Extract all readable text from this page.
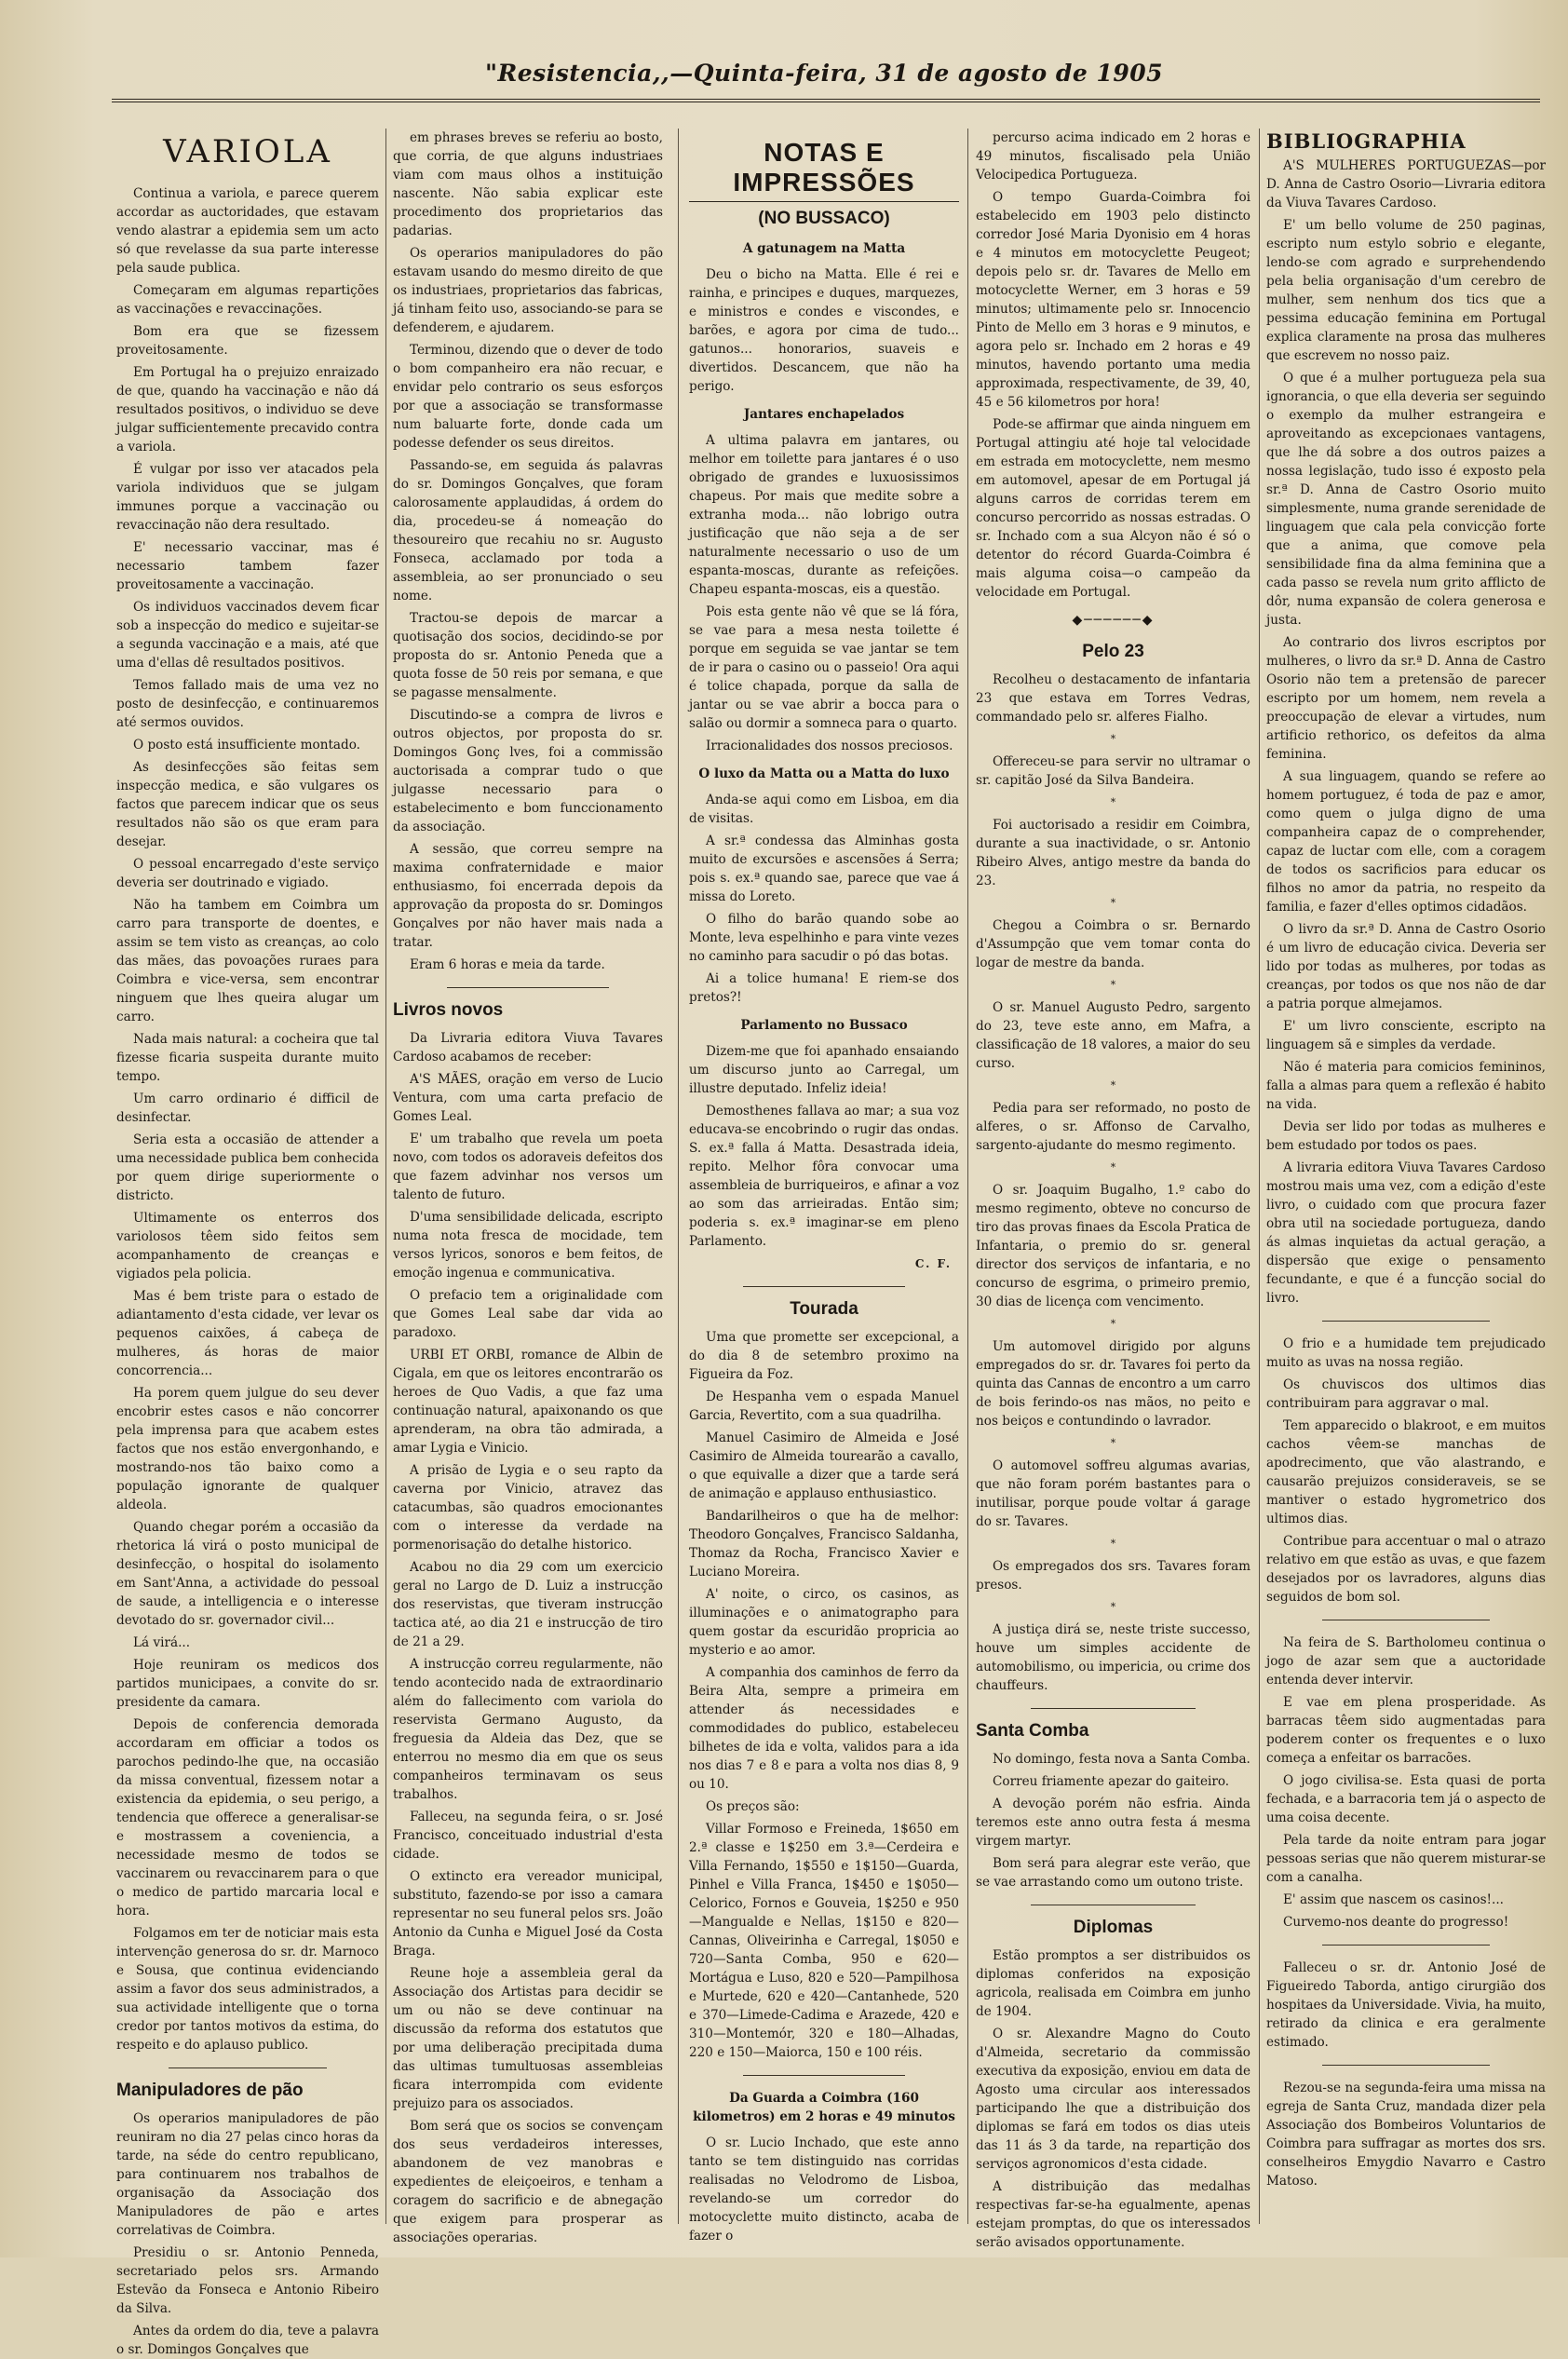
"Resistencia,,—Quinta-feira, 31 de agosto de 1905
VARIOLA

Continua a variola, e parece querem accordar as auctoridades, que estavam vendo alastrar a epidemia sem um acto só que revelasse da sua parte interesse pela saude publica.

Começaram em algumas repartições as vaccinações e revaccinações.

Bom era que se fizessem proveitosamente.

Em Portugal ha o prejuizo enraizado de que, quando ha vaccinação e não dá resultados positivos, o individuo se deve julgar sufficientemente precavido contra a variola.

É vulgar por isso ver atacados pela variola individuos que se julgam immunes porque a vaccinação ou revaccinação não dera resultado.

E' necessario vaccinar, mas é necessario tambem fazer proveitosamente a vaccinação.

Os individuos vaccinados devem ficar sob a inspecção do medico e sujeitar-se a segunda vaccinação e a mais, até que uma d'ellas dê resultados positivos.

Temos fallado mais de uma vez no posto de desinfecção, e continuaremos até sermos ouvidos.

O posto está insufficiente montado.

As desinfecções são feitas sem inspecção medica, e são vulgares os factos que parecem indicar que os seus resultados não são os que eram para desejar.

O pessoal encarregado d'este serviço deveria ser doutrinado e vigiado.

Não ha tambem em Coimbra um carro para transporte de doentes, e assim se tem visto as creanças, ao colo das mães, das povoações ruraes para Coimbra e vice-versa, sem encontrar ninguem que lhes queira alugar um carro.

Nada mais natural: a cocheira que tal fizesse ficaria suspeita durante muito tempo.

Um carro ordinario é difficil de desinfectar.

Seria esta a occasião de attender a uma necessidade publica bem conhecida por quem dirige superiormente o districto.

Ultimamente os enterros dos variolosos têem sido feitos sem acompanhamento de creanças e vigiados pela policia.

Mas é bem triste para o estado de adiantamento d'esta cidade, ver levar os pequenos caixões, á cabeça de mulheres, ás horas de maior concorrencia...

Ha porem quem julgue do seu dever encobrir estes casos e não concorrer pela imprensa para que acabem estes factos que nos estão envergonhando, e mostrando-nos tão baixo como a população ignorante de qualquer aldeola.

Quando chegar porém a occasião da rhetorica lá virá o posto municipal de desinfecção, o hospital do isolamento em Sant'Anna, a actividade do pessoal de saude, a intelligencia e o interesse devotado do sr. governador civil...

Lá virá...

Hoje reuniram os medicos dos partidos municipaes, a convite do sr. presidente da camara.

Depois de conferencia demorada accordaram em officiar a todos os parochos pedindo-lhe que, na occasião da missa conventual, fizessem notar a existencia da epidemia, o seu perigo, a tendencia que offerece a generalisar-se e mostrassem a coveniencia, a necessidade mesmo de todos se vaccinarem ou revaccinarem para o que o medico de partido marcaria local e hora.

Folgamos em ter de noticiar mais esta intervenção generosa do sr. dr. Marnoco e Sousa, que continua evidenciando assim a favor dos seus administrados, a sua actividade intelligente que o torna credor por tantos motivos da estima, do respeito e do aplauso publico.

Manipuladores de pão

Os operarios manipuladores de pão reuniram no dia 27 pelas cinco horas da tarde, na séde do centro republicano, para continuarem nos trabalhos de organisação da Associação dos Manipuladores de pão e artes correlativas de Coimbra.

Presidiu o sr. Antonio Penneda, secretariado pelos srs. Armando Estevão da Fonseca e Antonio Ribeiro da Silva.

Antes da ordem do dia, teve a palavra o sr. Domingos Gonçalves que

em phrases breves se referiu ao bosto, que corria, de que alguns industriaes viam com maus olhos a instituição nascente. Não sabia explicar este procedimento dos proprietarios das padarias.

Os operarios manipuladores do pão estavam usando do mesmo direito de que os industriaes, proprietarios das fabricas, já tinham feito uso, associando-se para se defenderem, e ajudarem.

Terminou, dizendo que o dever de todo o bom companheiro era não recuar, e envidar pelo contrario os seus esforços por que a associação se transformasse num baluarte forte, donde cada um podesse defender os seus direitos.

Passando-se, em seguida ás palavras do sr. Domingos Gonçalves, que foram calorosamente applaudidas, á ordem do dia, procedeu-se á nomeação do thesoureiro que recahiu no sr. Augusto Fonseca, acclamado por toda a assembleia, ao ser pronunciado o seu nome.

Tractou-se depois de marcar a quotisação dos socios, decidindo-se por proposta do sr. Antonio Peneda que a quota fosse de 50 reis por semana, e que se pagasse mensalmente.

Discutindo-se a compra de livros e outros objectos, por proposta do sr. Domingos Gonç lves, foi a commissão auctorisada a comprar tudo o que julgasse necessario para o estabelecimento e bom funccionamento da associação.

A sessão, que correu sempre na maxima confraternidade e maior enthusiasmo, foi encerrada depois da approvação da proposta do sr. Domingos Gonçalves por não haver mais nada a tratar.

Eram 6 horas e meia da tarde.

Livros novos

Da Livraria editora Viuva Tavares Cardoso acabamos de receber:

A'S MÃES, oração em verso de Lucio Ventura, com uma carta prefacio de Gomes Leal.

E' um trabalho que revela um poeta novo, com todos os adoraveis defeitos dos que fazem advinhar nos versos um talento de futuro.

D'uma sensibilidade delicada, escripto numa nota fresca de mocidade, tem versos lyricos, sonoros e bem feitos, de emoção ingenua e communicativa.

O prefacio tem a originalidade com que Gomes Leal sabe dar vida ao paradoxo.

URBI ET ORBI, romance de Albin de Cigala, em que os leitores encontrarão os heroes de Quo Vadis, a que faz uma continuação natural, apaixonando os que aprenderam, na obra tão admirada, a amar Lygia e Vinicio.

A prisão de Lygia e o seu rapto da caverna por Vinicio, atravez das catacumbas, são quadros emocionantes com o interesse da verdade na pormenorisação do detalhe historico.

Acabou no dia 29 com um exercicio geral no Largo de D. Luiz a instrucção dos reservistas, que tiveram instrucção tactica até, ao dia 21 e instrucção de tiro de 21 a 29.

A instrucção correu regularmente, não tendo acontecido nada de extraordinario além do fallecimento com variola do reservista Germano Augusto, da freguesia da Aldeia das Dez, que se enterrou no mesmo dia em que os seus companheiros terminavam os seus trabalhos.

Falleceu, na segunda feira, o sr. José Francisco, conceituado industrial d'esta cidade.

O extincto era vereador municipal, substituto, fazendo-se por isso a camara representar no seu funeral pelos srs. João Antonio da Cunha e Miguel José da Costa Braga.

Reune hoje a assembleia geral da Associação dos Artistas para decidir se um ou não se deve continuar na discussão da reforma dos estatutos que por uma deliberação precipitada duma das ultimas tumultuosas assembleias ficara interrompida com evidente prejuizo para os associados.

Bom será que os socios se convençam dos seus verdadeiros interesses, abandonem de vez manobras e expedientes de eleiçoeiros, e tenham a coragem do sacrificio e de abnegação que exigem para prosperar as associações operarias.

NOTAS E IMPRESSÕES
(NO BUSSACO)
A gatunagem na Matta

Deu o bicho na Matta. Elle é rei e rainha, e principes e duques, marquezes, e ministros e condes e viscondes, e barões, e agora por cima de tudo... gatunos... honorarios, suaveis e divertidos. Descancem, que não ha perigo.

Jantares enchapelados

A ultima palavra em jantares, ou melhor em toilette para jantares é o uso obrigado de grandes e luxuosissimos chapeus. Por mais que medite sobre a extranha moda... não lobrigo outra justificação que não seja a de ser naturalmente necessario o uso de um espanta-moscas, durante as refeições. Chapeu espanta-moscas, eis a questão.

Pois esta gente não vê que se lá fóra, se vae para a mesa nesta toilette é porque em seguida se vae jantar se tem de ir para o casino ou o passeio! Ora aqui é tolice chapada, porque da salla de jantar ou se vae abrir a bocca para o salão ou dormir a somneca para o quarto.

Irracionalidades dos nossos preciosos.

O luxo da Matta ou a Matta do luxo

Anda-se aqui como em Lisboa, em dia de visitas.

A sr.ª condessa das Alminhas gosta muito de excursões e ascensões á Serra; pois s. ex.ª quando sae, parece que vae á missa do Loreto.

O filho do barão quando sobe ao Monte, leva espelhinho e para vinte vezes no caminho para sacudir o pó das botas.

Ai a tolice humana! E riem-se dos pretos?!

Parlamento no Bussaco

Dizem-me que foi apanhado ensaiando um discurso junto ao Carregal, um illustre deputado. Infeliz ideia!

Demosthenes fallava ao mar; a sua voz educava-se encobrindo o rugir das ondas. S. ex.ª falla á Matta. Desastrada ideia, repito. Melhor fôra convocar uma assembleia de burriqueiros, e afinar a voz ao som das arrieiradas. Então sim; poderia s. ex.ª imaginar-se em pleno Parlamento.

C. F.
Tourada

Uma que promette ser excepcional, a do dia 8 de setembro proximo na Figueira da Foz.

De Hespanha vem o espada Manuel Garcia, Revertito, com a sua quadrilha.

Manuel Casimiro de Almeida e José Casimiro de Almeida tourearão a cavallo, o que equivalle a dizer que a tarde será de animação e applauso enthusiastico.

Bandarilheiros o que ha de melhor: Theodoro Gonçalves, Francisco Saldanha, Thomaz da Rocha, Francisco Xavier e Luciano Moreira.

A' noite, o circo, os casinos, as illuminações e o animatographo para quem gostar da escuridão propricia ao mysterio e ao amor.

A companhia dos caminhos de ferro da Beira Alta, sempre a primeira em attender ás necessidades e commodidades do publico, estabeleceu bilhetes de ida e volta, validos para a ida nos dias 7 e 8 e para a volta nos dias 8, 9 ou 10.

Os preços são:

Villar Formoso e Freineda, 1$650 em 2.ª classe e 1$250 em 3.ª—Cerdeira e Villa Fernando, 1$550 e 1$150—Guarda, Pinhel e Villa Franca, 1$450 e 1$050—Celorico, Fornos e Gouveia, 1$250 e 950—Mangualde e Nellas, 1$150 e 820—Cannas, Oliveirinha e Carregal, 1$050 e 720—Santa Comba, 950 e 620—Mortágua e Luso, 820 e 520—Pampilhosa e Murtede, 620 e 420—Cantanhede, 520 e 370—Limede-Cadima e Arazede, 420 e 310—Montemór, 320 e 180—Alhadas, 220 e 150—Maiorca, 150 e 100 réis.

Da Guarda a Coimbra (160 kilometros) em 2 horas e 49 minutos

O sr. Lucio Inchado, que este anno tanto se tem distinguido nas corridas realisadas no Velodromo de Lisboa, revelando-se um corredor do motocyclette muito distincto, acaba de fazer o

percurso acima indicado em 2 horas e 49 minutos, fiscalisado pela União Velocipedica Portugueza.

O tempo Guarda-Coimbra foi estabelecido em 1903 pelo distincto corredor José Maria Dyonisio em 4 horas e 4 minutos em motocyclette Peugeot; depois pelo sr. dr. Tavares de Mello em motocyclette Werner, em 3 horas e 59 minutos; ultimamente pelo sr. Innocencio Pinto de Mello em 3 horas e 9 minutos, e agora pelo sr. Inchado em 2 horas e 49 minutos, havendo portanto uma media approximada, respectivamente, de 39, 40, 45 e 56 kilometros por hora!

Pode-se affirmar que ainda ninguem em Portugal attingiu até hoje tal velocidade em estrada em motocyclette, nem mesmo em automovel, apesar de em Portugal já alguns carros de corridas terem em concurso percorrido as nossas estradas. O sr. Inchado com a sua Alcyon não é só o detentor do récord Guarda-Coimbra é mais alguma coisa—o campeão da velocidade em Portugal.

◆──────◆
Pelo 23

Recolheu o destacamento de infantaria 23 que estava em Torres Vedras, commandado pelo sr. alferes Fialho.

*

Offereceu-se para servir no ultramar o sr. capitão José da Silva Bandeira.

*

Foi auctorisado a residir em Coimbra, durante a sua inactividade, o sr. Antonio Ribeiro Alves, antigo mestre da banda do 23.

*

Chegou a Coimbra o sr. Bernardo d'Assumpção que vem tomar conta do logar de mestre da banda.

*

O sr. Manuel Augusto Pedro, sargento do 23, teve este anno, em Mafra, a classificação de 18 valores, a maior do seu curso.

*

Pedia para ser reformado, no posto de alferes, o sr. Affonso de Carvalho, sargento-ajudante do mesmo regimento.

*

O sr. Joaquim Bugalho, 1.º cabo do mesmo regimento, obteve no concurso de tiro das provas finaes da Escola Pratica de Infantaria, o premio do sr. general director dos serviços de infantaria, e no concurso de esgrima, o primeiro premio, 30 dias de licença com vencimento.

*

Um automovel dirigido por alguns empregados do sr. dr. Tavares foi perto da quinta das Cannas de encontro a um carro de bois ferindo-os nas mãos, no peito e nos beiços e contundindo o lavrador.

*

O automovel soffreu algumas avarias, que não foram porém bastantes para o inutilisar, porque poude voltar á garage do sr. Tavares.

*

Os empregados dos srs. Tavares foram presos.

*

A justiça dirá se, neste triste successo, houve um simples accidente de automobilismo, ou impericia, ou crime dos chauffeurs.

Santa Comba

No domingo, festa nova a Santa Comba.

Correu friamente apezar do gaiteiro.

A devoção porém não esfria. Ainda teremos este anno outra festa á mesma virgem martyr.

Bom será para alegrar este verão, que se vae arrastando como um outono triste.

Diplomas

Estão promptos a ser distribuidos os diplomas conferidos na exposição agricola, realisada em Coimbra em junho de 1904.

O sr. Alexandre Magno do Couto d'Almeida, secretario da commissão executiva da exposição, enviou em data de Agosto uma circular aos interessados participando lhe que a distribuição dos diplomas se fará em todos os dias uteis das 11 ás 3 da tarde, na repartição dos serviços agronomicos d'esta cidade.

A distribuição das medalhas respectivas far-se-ha egualmente, apenas estejam promptas, do que os interessados serão avisados opportunamente.

BIBLIOGRAPHIA

A'S MULHERES PORTUGUEZAS—por D. Anna de Castro Osorio—Livraria editora da Viuva Tavares Cardoso.

E' um bello volume de 250 paginas, escripto num estylo sobrio e elegante, lendo-se com agrado e surprehendendo pela belia organisação d'um cerebro de mulher, sem nenhum dos tics que a pessima educação feminina em Portugal explica claramente na prosa das mulheres que escrevem no nosso paiz.

O que é a mulher portugueza pela sua ignorancia, o que ella deveria ser seguindo o exemplo da mulher estrangeira e aproveitando as excepcionaes vantagens, que lhe dá sobre a dos outros paizes a nossa legislação, tudo isso é exposto pela sr.ª D. Anna de Castro Osorio muito simplesmente, numa grande serenidade de linguagem que cala pela convicção forte que a anima, que comove pela sensibilidade fina da alma feminina que a cada passo se revela num grito afflicto de dôr, numa expansão de colera generosa e justa.

Ao contrario dos livros escriptos por mulheres, o livro da sr.ª D. Anna de Castro Osorio não tem a pretensão de parecer escripto por um homem, nem revela a preoccupação de elevar a virtudes, num artificio rethorico, os defeitos da alma feminina.

A sua linguagem, quando se refere ao homem portuguez, é toda de paz e amor, como quem o julga digno de uma companheira capaz de o comprehender, capaz de luctar com elle, com a coragem de todos os sacrificios para educar os filhos no amor da patria, no respeito da familia, e fazer d'elles optimos cidadãos.

O livro da sr.ª D. Anna de Castro Osorio é um livro de educação civica. Deveria ser lido por todas as mulheres, por todas as creanças, por todos os que nos não de dar a patria porque almejamos.

E' um livro consciente, escripto na linguagem sã e simples da verdade.

Não é materia para comicios femininos, falla a almas para quem a reflexão é habito na vida.

Devia ser lido por todas as mulheres e bem estudado por todos os paes.

A livraria editora Viuva Tavares Cardoso mostrou mais uma vez, com a edição d'este livro, o cuidado com que procura fazer obra util na sociedade portugueza, dando ás almas inquietas da actual geração, a dispersão que exige o pensamento fecundante, e que é a funcção social do livro.

O frio e a humidade tem prejudicado muito as uvas na nossa região.

Os chuviscos dos ultimos dias contribuiram para aggravar o mal.

Tem apparecido o blakroot, e em muitos cachos vêem-se manchas de apodrecimento, que vão alastrando, e causarão prejuizos consideraveis, se se mantiver o estado hygrometrico dos ultimos dias.

Contribue para accentuar o mal o atrazo relativo em que estão as uvas, e que fazem desejados por os lavradores, alguns dias seguidos de bom sol.

Na feira de S. Bartholomeu continua o jogo de azar sem que a auctoridade entenda dever intervir.

E vae em plena prosperidade. As barracas têem sido augmentadas para poderem conter os frequentes e o luxo começa a enfeitar os barracões.

O jogo civilisa-se. Esta quasi de porta fechada, e a barracoria tem já o aspecto de uma coisa decente.

Pela tarde da noite entram para jogar pessoas serias que não querem misturar-se com a canalha.

E' assim que nascem os casinos!...

Curvemo-nos deante do progresso!

Falleceu o sr. dr. Antonio José de Figueiredo Taborda, antigo cirurgião dos hospitaes da Universidade. Vivia, ha muito, retirado da clinica e era geralmente estimado.

Rezou-se na segunda-feira uma missa na egreja de Santa Cruz, mandada dizer pela Associação dos Bombeiros Voluntarios de Coimbra para suffragar as mortes dos srs. conselheiros Emygdio Navarro e Castro Matoso.
